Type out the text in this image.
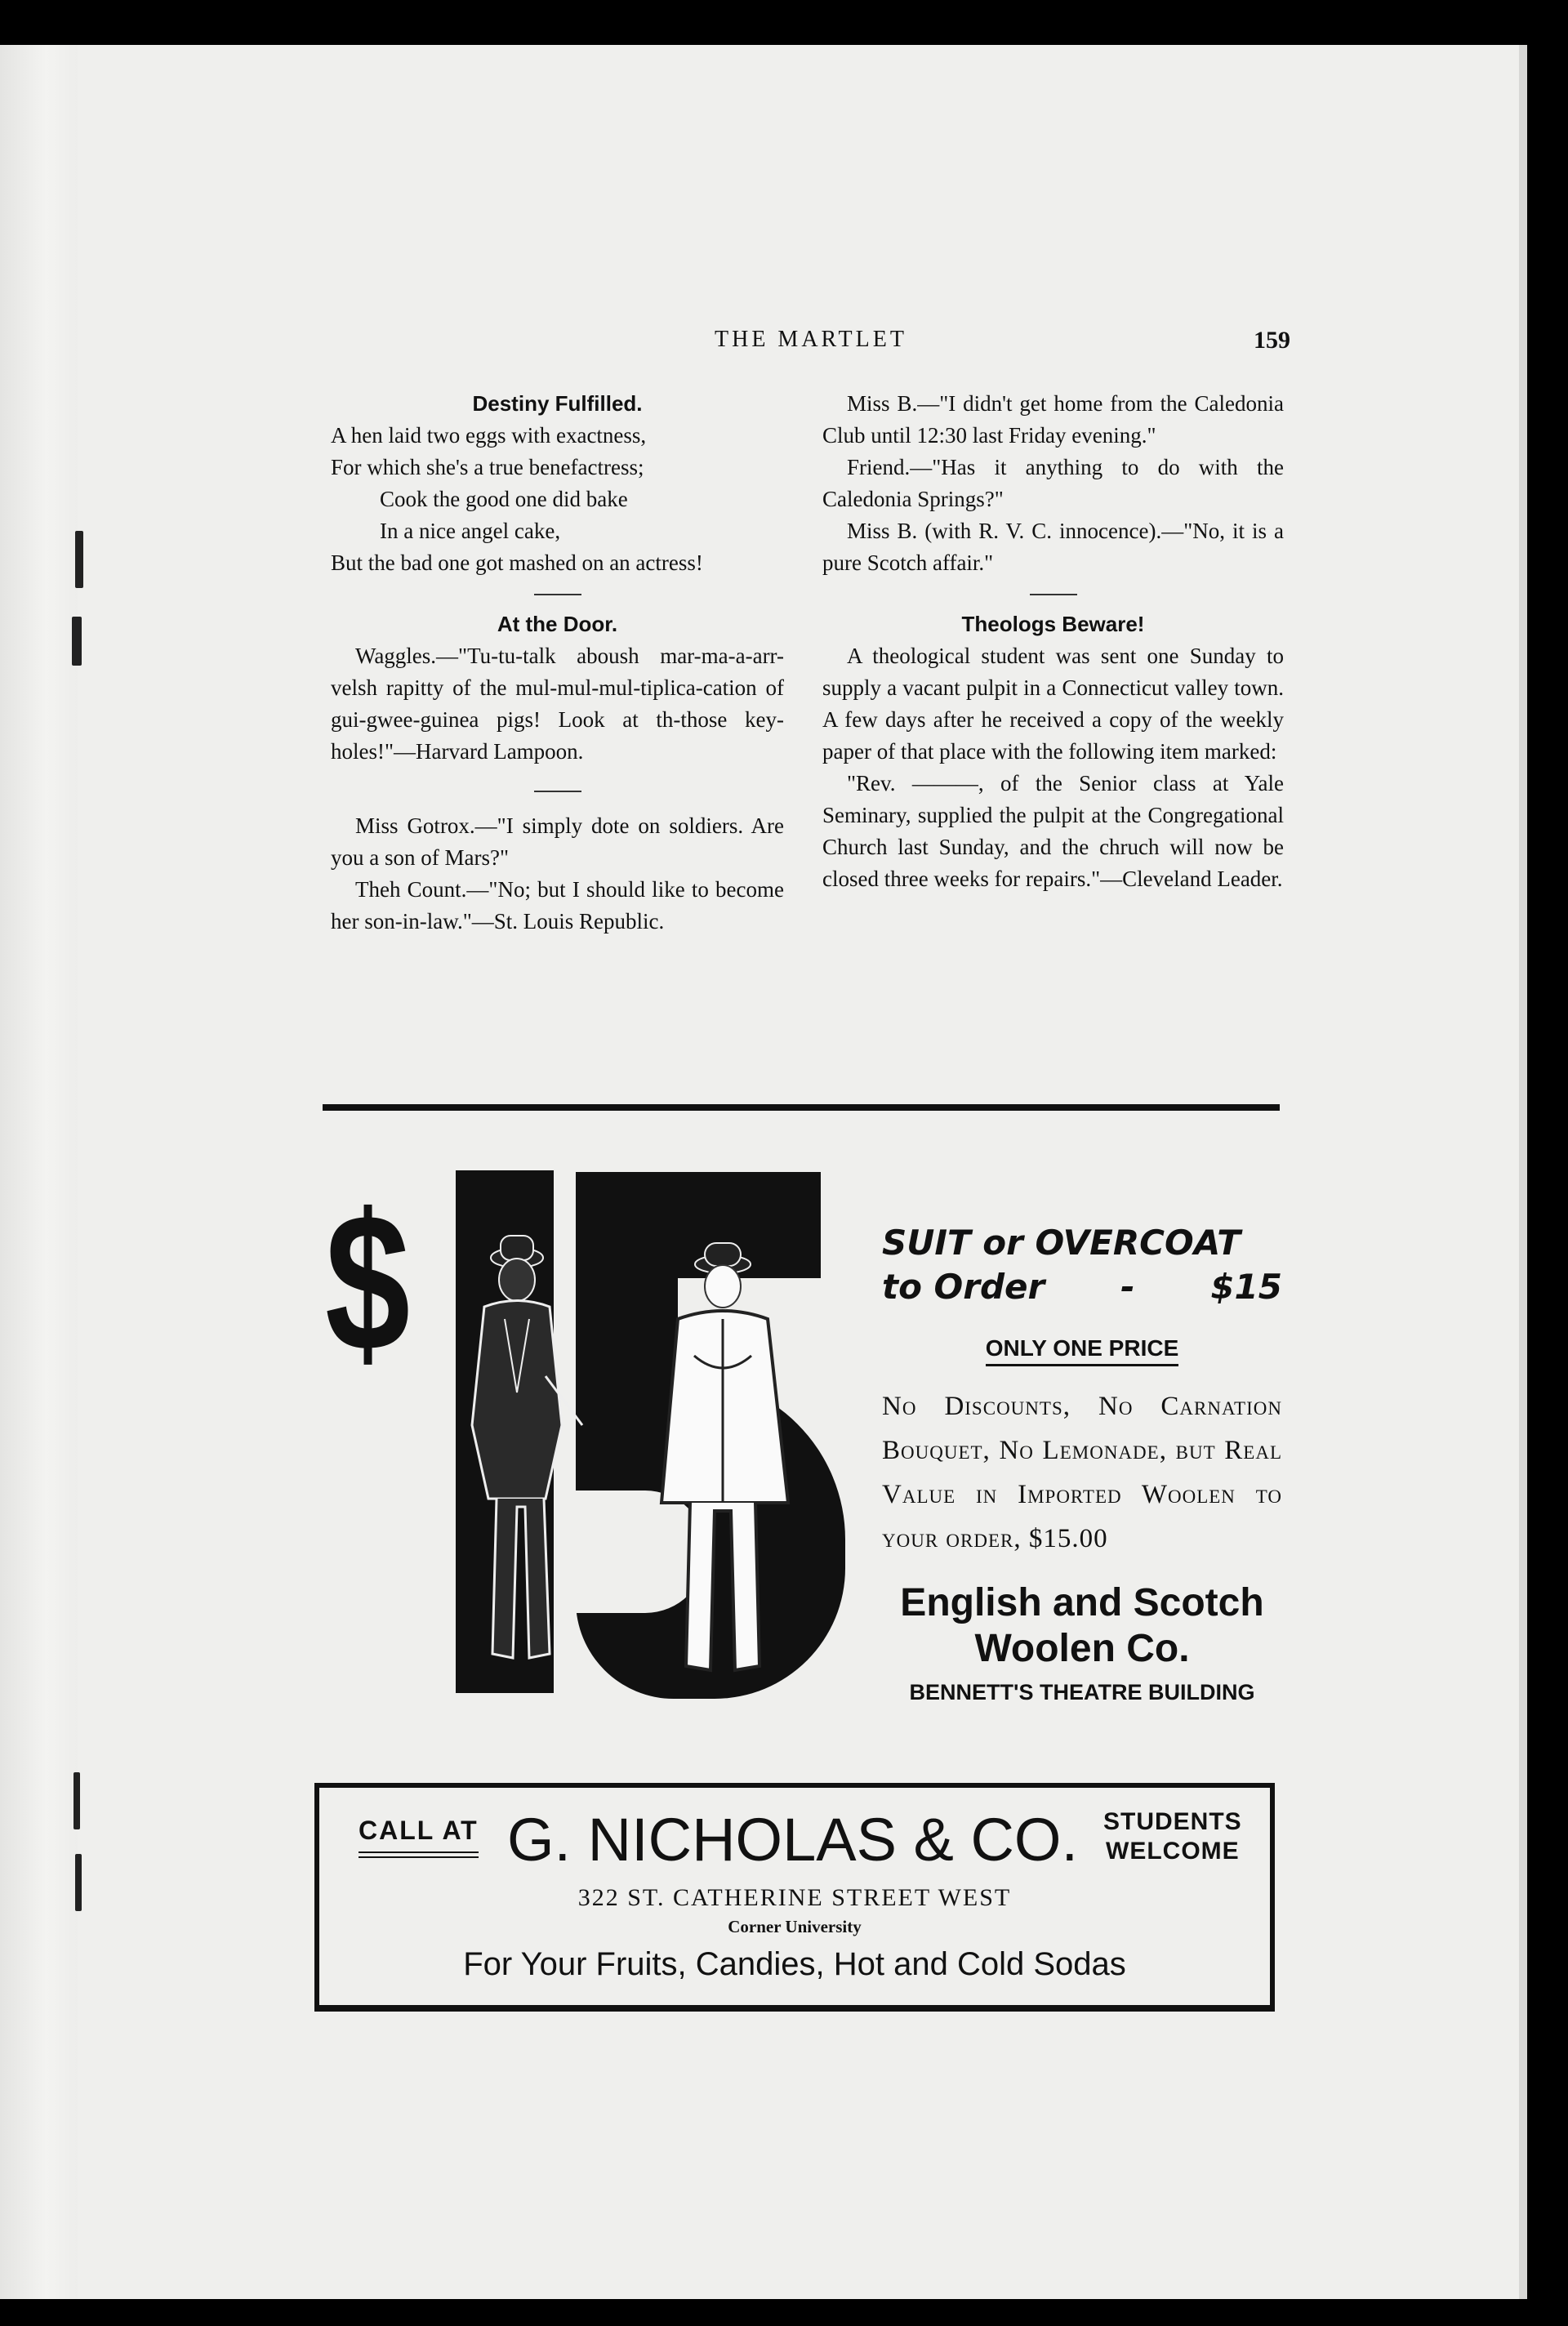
THE MARTLET	159
Destiny Fulfilled.
A hen laid two eggs with exactness,
For which she's a true benefactress;
Cook the good one did bake
In a nice angel cake,
But the bad one got mashed on an actress!
At the Door.

Waggles.—"Tu-tu-talk aboush mar-ma-a-arr-velsh rapitty of the mul-mul-mul-tiplica-cation of gui-gwee-guinea pigs! Look at th-those key-holes!"—Harvard Lampoon.

Miss Gotrox.—"I simply dote on soldiers. Are you a son of Mars?"

Theh Count.—"No; but I should like to become her son-in-law."—St. Louis Republic.

Miss B.—"I didn't get home from the Caledonia Club until 12:30 last Friday evening."

Friend.—"Has it anything to do with the Caledonia Springs?"

Miss B. (with R. V. C. innocence).—"No, it is a pure Scotch affair."

Theologs Beware!

A theological student was sent one Sunday to supply a vacant pulpit in a Connecticut valley town. A few days after he received a copy of the weekly paper of that place with the following item marked:

"Rev. ———, of the Senior class at Yale Seminary, supplied the pulpit at the Congregational Church last Sunday, and the chruch will now be closed three weeks for repairs."—Cleveland Leader.

$	SUIT or OVERCOAT
to Order - $15
ONLY ONE PRICE
No Discounts, No Carnation Bouquet, No Lemonade, but Real Value in Imported Woolen to your order, $15.00
English and Scotch
Woolen Co.
BENNETT'S THEATRE BUILDING
CALL AT G. NICHOLAS & CO. STUDENTS
WELCOME
322 ST. CATHERINE STREET WEST
Corner University
For Your Fruits, Candies, Hot and Cold Sodas
